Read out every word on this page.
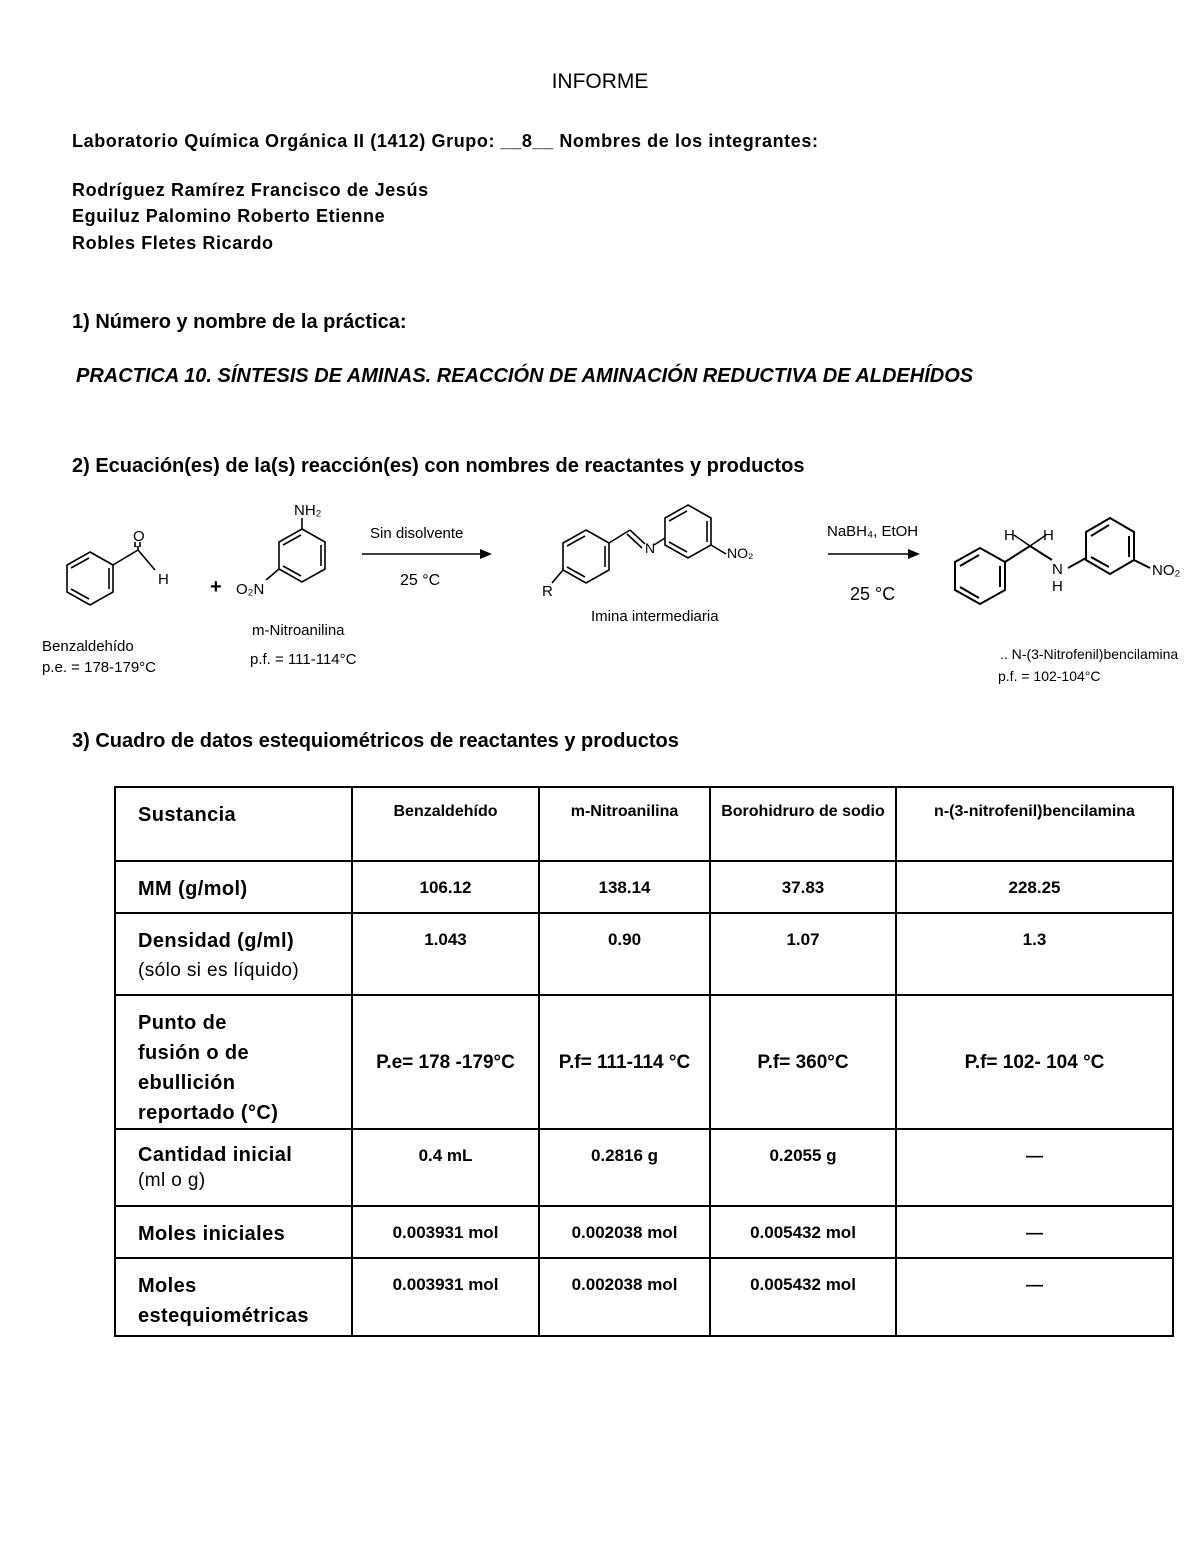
INFORME
Laboratorio Química Orgánica II (1412) Grupo: __8__ Nombres de los integrantes:
Rodríguez Ramírez Francisco de Jesús
Eguiluz Palomino Roberto Etienne
Robles Fletes Ricardo
1) Número y nombre de la práctica:
PRACTICA 10. SÍNTESIS DE AMINAS. REACCIÓN DE AMINACIÓN REDUCTIVA DE ALDEHÍDOS
2) Ecuación(es) de la(s) reacción(es) con nombres de reactantes y productos
O
H
NH₂
O₂N
+
Sin disolvente
25 °C
N	NO₂
R
Imina intermediaria
NaBH₄, EtOH
25 °C
H H
N
H
NO₂
Benzaldehído
p.e. = 178-179°C
m-Nitroanilina
p.f. = 111-114°C	.. N-(3-Nitrofenil)bencilamina
p.f. = 102-104°C
3) Cuadro de datos estequiométricos de reactantes y productos
Sustancia	Benzaldehído	m-Nitroanilina	Borohidruro de sodio	n-(3-nitrofenil)bencilamina

MM (g/mol)	106.12	138.14	37.83	228.25

Densidad (g/ml)
(sólo si es líquido)	1.043	0.90	1.07	1.3

Punto de fusión o de ebullición reportado (°C)	P.e= 178 -179°C	P.f= 111-114 °C	P.f= 360°C	P.f= 102- 104 °C

Cantidad inicial
(ml o g)	0.4 mL	0.2816 g	0.2055 g	—

Moles iniciales	0.003931 mol	0.002038 mol	0.005432 mol	—

Moles estequiométricas	0.003931 mol	0.002038 mol	0.005432 mol	—
